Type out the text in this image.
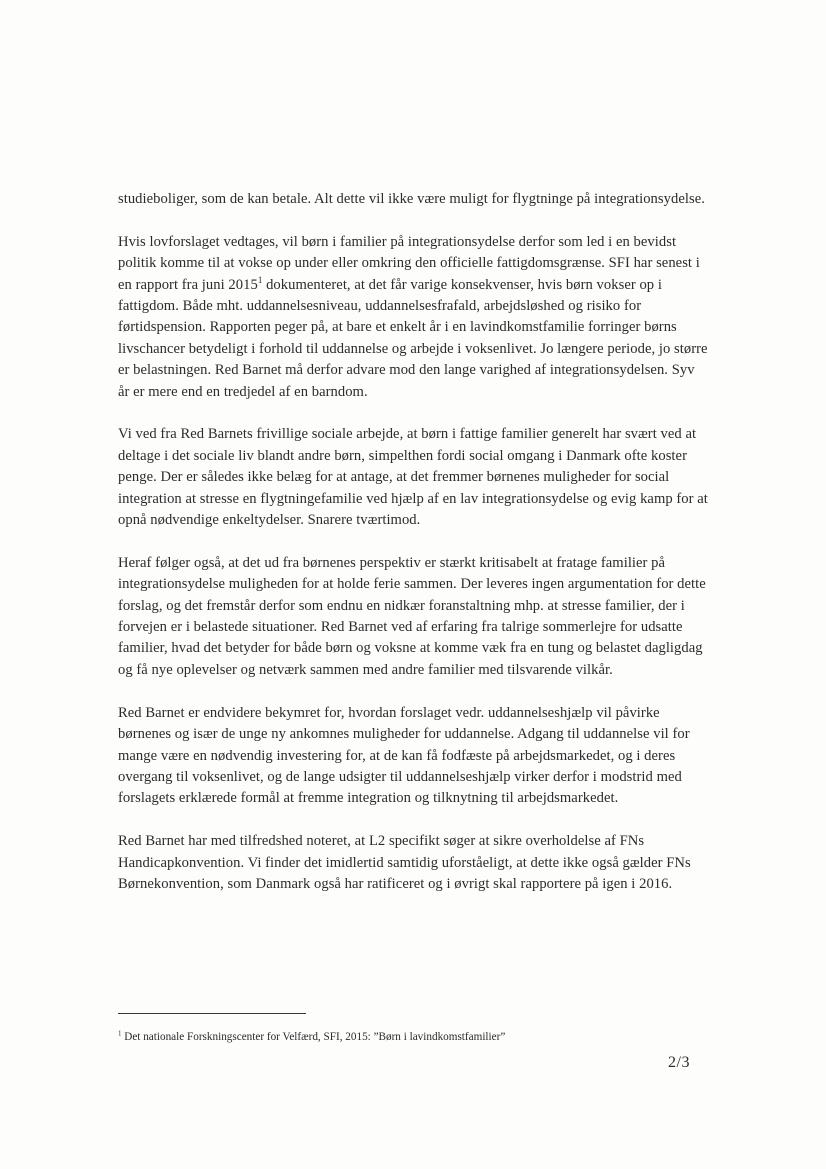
studieboliger, som de kan betale. Alt dette vil ikke være muligt for flygtninge på integrationsydelse.

Hvis lovforslaget vedtages, vil børn i familier på integrationsydelse derfor som led i en bevidst politik komme til at vokse op under eller omkring den officielle fattigdomsgrænse. SFI har senest i en rapport fra juni 2015$^1$ dokumenteret, at det får varige konsekvenser, hvis børn vokser op i fattigdom. Både mht. uddannelsesniveau, uddannelsesfrafald, arbejdsløshed og risiko for førtidspension. Rapporten peger på, at bare et enkelt år i en lavindkomstfamilie forringer børns livschancer betydeligt i forhold til uddannelse og arbejde i voksenlivet. Jo længere periode, jo større er belastningen. Red Barnet må derfor advare mod den lange varighed af integrationsydelsen. Syv år er mere end en tredjedel af en barndom.

Vi ved fra Red Barnets frivillige sociale arbejde, at børn i fattige familier generelt har svært ved at deltage i det sociale liv blandt andre børn, simpelthen fordi social omgang i Danmark ofte koster penge. Der er således ikke belæg for at antage, at det fremmer børnenes muligheder for social integration at stresse en flygtningefamilie ved hjælp af en lav integrationsydelse og evig kamp for at opnå nødvendige enkeltydelser. Snarere tværtimod.

Heraf følger også, at det ud fra børnenes perspektiv er stærkt kritisabelt at fratage familier på integrationsydelse muligheden for at holde ferie sammen. Der leveres ingen argumentation for dette forslag, og det fremstår derfor som endnu en nidkær foranstaltning mhp. at stresse familier, der i forvejen er i belastede situationer. Red Barnet ved af erfaring fra talrige sommerlejre for udsatte familier, hvad det betyder for både børn og voksne at komme væk fra en tung og belastet dagligdag og få nye oplevelser og netværk sammen med andre familier med tilsvarende vilkår.

Red Barnet er endvidere bekymret for, hvordan forslaget vedr. uddannelseshjælp vil påvirke børnenes og især de unge ny ankomnes muligheder for uddannelse. Adgang til uddannelse vil for mange være en nødvendig investering for, at de kan få fodfæste på arbejdsmarkedet, og i deres overgang til voksenlivet, og de lange udsigter til uddannelseshjælp virker derfor i modstrid med forslagets erklærede formål at fremme integration og tilknytning til arbejdsmarkedet.

Red Barnet har med tilfredshed noteret, at L2 specifikt søger at sikre overholdelse af FNs Handicapkonvention. Vi finder det imidlertid samtidig uforståeligt, at dette ikke også gælder FNs Børnekonvention, som Danmark også har ratificeret og i øvrigt skal rapportere på igen i 2016.

$^1$ Det nationale Forskningscenter for Velfærd, SFI, 2015: ”Børn i lavindkomstfamilier”
2/3
